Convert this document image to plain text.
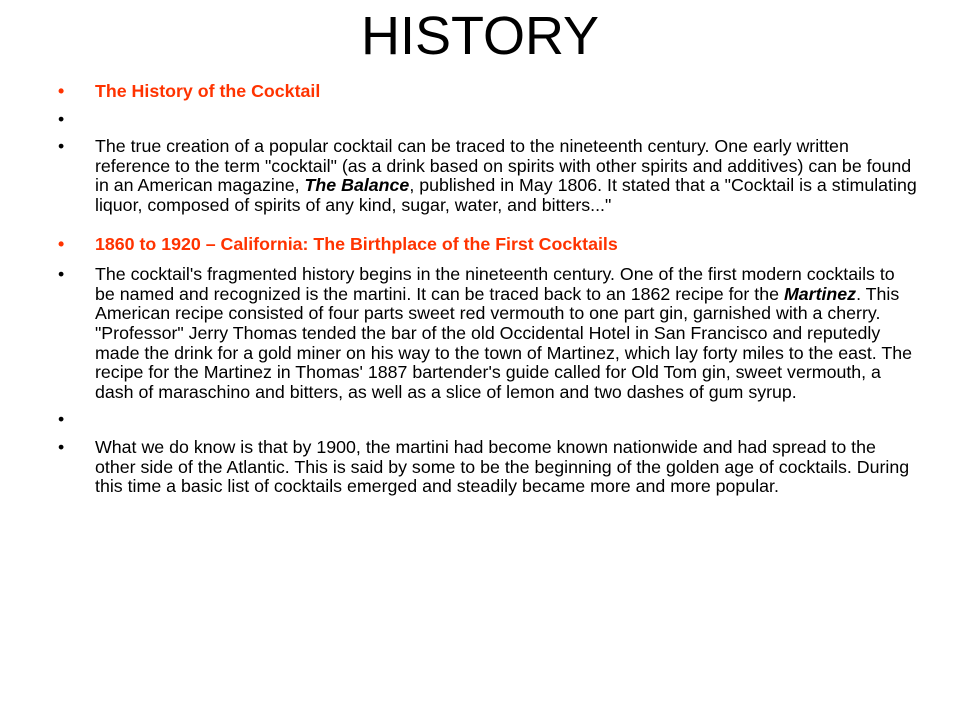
HISTORY
• The History of the Cocktail
•

• The true creation of a popular cocktail can be traced to the nineteenth century. One early written reference to the term "cocktail" (as a drink based on spirits with other spirits and additives) can be found in an American magazine, The Balance, published in May 1806. It stated that a "Cocktail is a stimulating liquor, composed of spirits of any kind, sugar, water, and bitters..."
• 1860 to 1920 – California: The Birthplace of the First Cocktails
• The cocktail's fragmented history begins in the nineteenth century. One of the first modern cocktails to be named and recognized is the martini. It can be traced back to an 1862 recipe for the Martinez. This American recipe consisted of four parts sweet red vermouth to one part gin, garnished with a cherry. "Professor" Jerry Thomas tended the bar of the old Occidental Hotel in San Francisco and reputedly made the drink for a gold miner on his way to the town of Martinez, which lay forty miles to the east. The recipe for the Martinez in Thomas' 1887 bartender's guide called for Old Tom gin, sweet vermouth, a dash of maraschino and bitters, as well as a slice of lemon and two dashes of gum syrup.
•

• What we do know is that by 1900, the martini had become known nationwide and had spread to the other side of the Atlantic. This is said by some to be the beginning of the golden age of cocktails. During this time a basic list of cocktails emerged and steadily became more and more popular.
